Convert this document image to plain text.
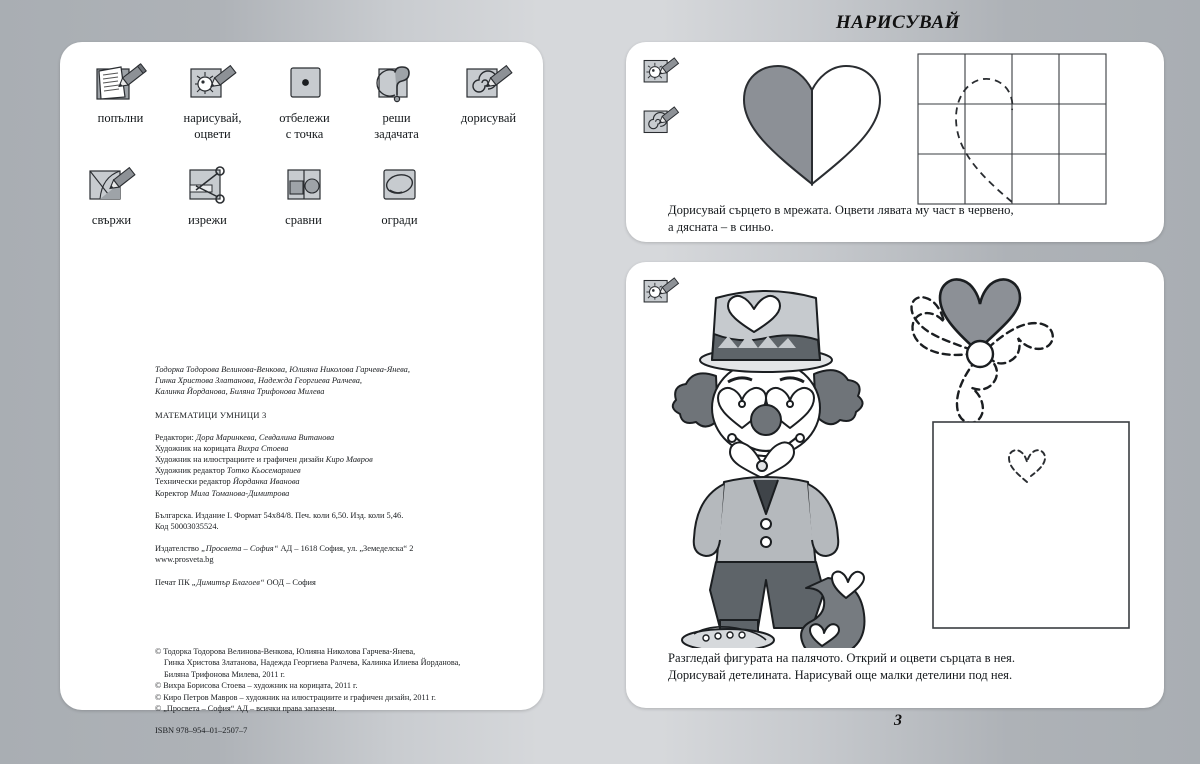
попълни	нарисувай,
оцвети
отбележи
с точка
реши
задачата
дорисувай
свържи	изрежи	сравни	огради
Тодорка Тодорова Велинова-Венкова, Юлияна Николова Гарчева-Янева,
Гинка Христова Златанова, Надежда Георгиева Ралчева,
Калинка Йорданова, Биляна Трифонова Милева
МАТЕМАТИЦИ УМНИЦИ 3
Редактори: Дора Маринкева, Севдалина Витанова
Художник на корицата Вихра Стоева
Художник на илюстрациите и графичен дизайн Киро Мавров
Художник редактор Тотко Кьосемарлиев
Технически редактор Йорданка Иванова
Коректор Мила Томанова-Димитрова
Българска. Издание I. Формат 54x84/8. Печ. коли 6,50. Изд. коли 5,46.
Код 50003035524.
Издателство „Просвета – София“ АД – 1618 София, ул. „Земеделска“ 2
www.prosveta.bg
Печат ПК „Димитър Благоев“ ООД – София
© Тодорка Тодорова Велинова-Венкова, Юлияна Николова Гарчева-Янева,
Гинка Христова Златанова, Надежда Георгиева Ралчева, Калинка Илиева Йорданова,
Биляна Трифонова Милева, 2011 г.
© Вихра Борисова Стоева – художник на корицата, 2011 г.
© Киро Петров Мавров – художник на илюстрациите и графичен дизайн, 2011 г.
© „Просвета – София“ АД – всички права запазени.
ISBN 978–954–01–2507–7
НАРИСУВАЙ
Дорисувай сърцето в мрежата. Оцвети лявата му част в червено,
а дясната – в синьо.
Разгледай фигурата на палячото. Открий и оцвети сърцата в нея.
Дорисувай детелината. Нарисувай още малки детелини под нея.
3
